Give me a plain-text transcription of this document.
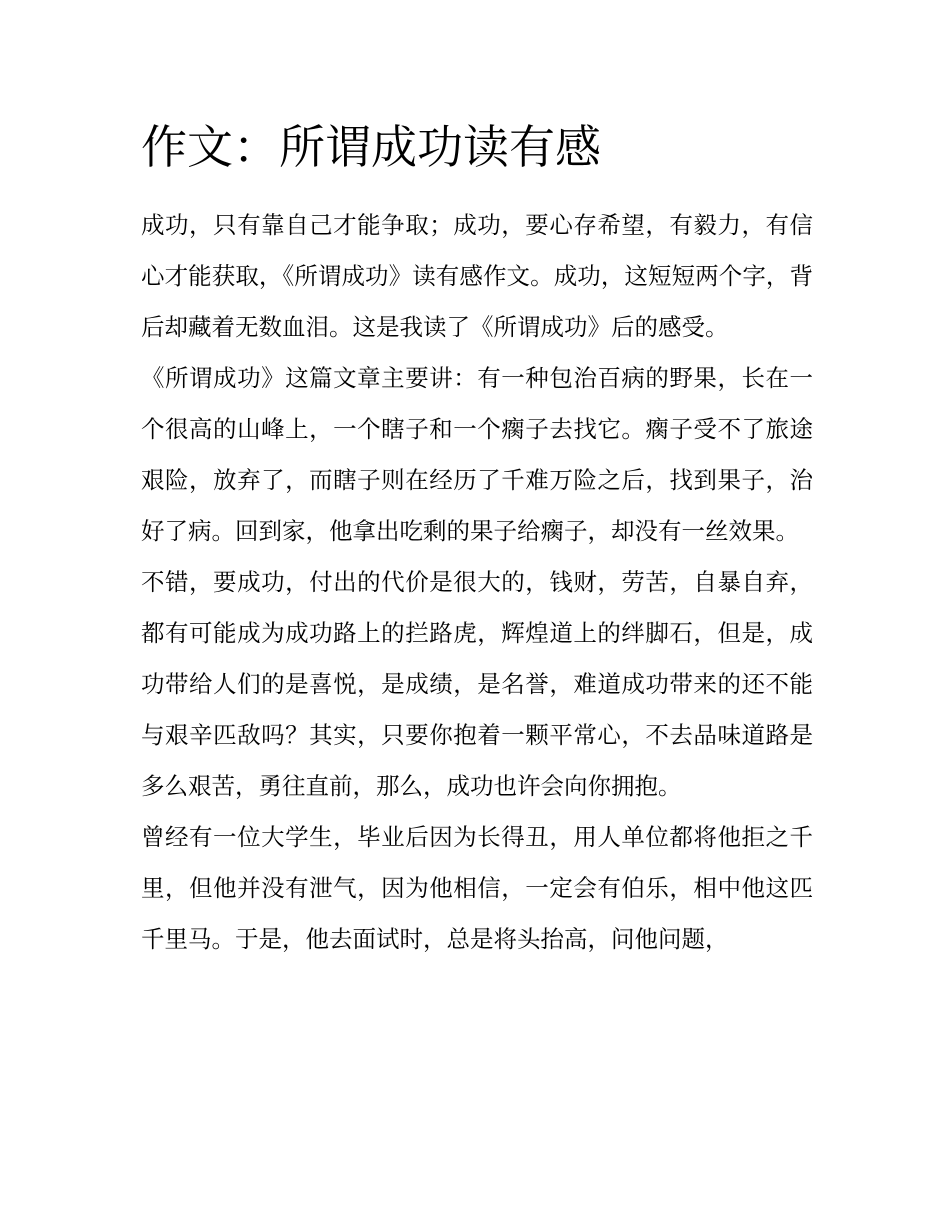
作文：所谓成功读有感

成功，只有靠自己才能争取；成功，要心存希望，有毅力，有信心才能获取，《所谓成功》读有感作文。成功，这短短两个字，背后却藏着无数血泪。这是我读了《所谓成功》后的感受。

《所谓成功》这篇文章主要讲：有一种包治百病的野果，长在一个很高的山峰上，一个瞎子和一个瘸子去找它。瘸子受不了旅途艰险，放弃了，而瞎子则在经历了千难万险之后，找到果子，治好了病。回到家，他拿出吃剩的果子给瘸子，却没有一丝效果。

不错，要成功，付出的代价是很大的，钱财，劳苦，自暴自弃，都有可能成为成功路上的拦路虎，辉煌道上的绊脚石，但是，成功带给人们的是喜悦，是成绩，是名誉，难道成功带来的还不能与艰辛匹敌吗？其实，只要你抱着一颗平常心，不去品味道路是多么艰苦，勇往直前，那么，成功也许会向你拥抱。

曾经有一位大学生，毕业后因为长得丑，用人单位都将他拒之千里，但他并没有泄气，因为他相信，一定会有伯乐，相中他这匹千里马。于是，他去面试时，总是将头抬高，问他问题，
